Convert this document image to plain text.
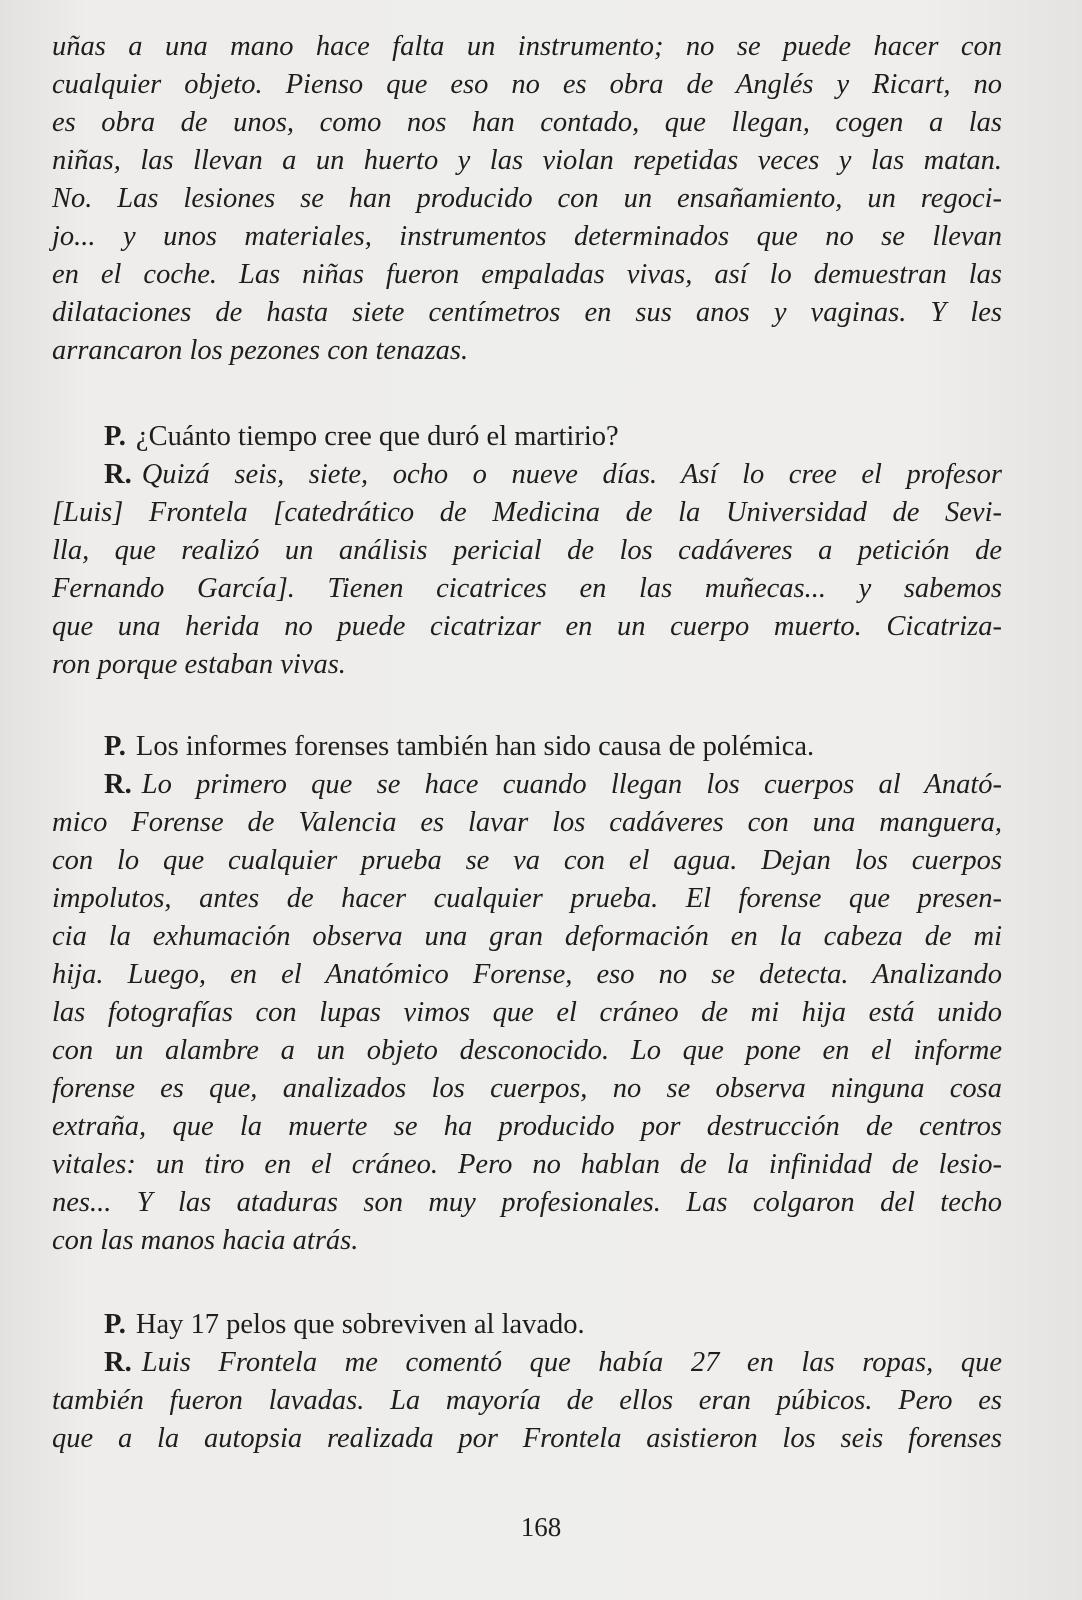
uñas a una mano hace falta un instrumento; no se puede hacer con
cualquier objeto. Pienso que eso no es obra de Anglés y Ricart, no
es obra de unos, como nos han contado, que llegan, cogen a las
niñas, las llevan a un huerto y las violan repetidas veces y las matan.
No. Las lesiones se han producido con un ensañamiento, un regoci-
jo... y unos materiales, instrumentos determinados que no se llevan
en el coche. Las niñas fueron empaladas vivas, así lo demuestran las
dilataciones de hasta siete centímetros en sus anos y vaginas. Y les
arrancaron los pezones con tenazas.
P. ¿Cuánto tiempo cree que duró el martirio?
R. Quizá seis, siete, ocho o nueve días. Así lo cree el profesor
[Luis] Frontela [catedrático de Medicina de la Universidad de Sevi-
lla, que realizó un análisis pericial de los cadáveres a petición de
Fernando García]. Tienen cicatrices en las muñecas... y sabemos
que una herida no puede cicatrizar en un cuerpo muerto. Cicatriza-
ron porque estaban vivas.
P. Los informes forenses también han sido causa de polémica.
R. Lo primero que se hace cuando llegan los cuerpos al Anató-
mico Forense de Valencia es lavar los cadáveres con una manguera,
con lo que cualquier prueba se va con el agua. Dejan los cuerpos
impolutos, antes de hacer cualquier prueba. El forense que presen-
cia la exhumación observa una gran deformación en la cabeza de mi
hija. Luego, en el Anatómico Forense, eso no se detecta. Analizando
las fotografías con lupas vimos que el cráneo de mi hija está unido
con un alambre a un objeto desconocido. Lo que pone en el informe
forense es que, analizados los cuerpos, no se observa ninguna cosa
extraña, que la muerte se ha producido por destrucción de centros
vitales: un tiro en el cráneo. Pero no hablan de la infinidad de lesio-
nes... Y las ataduras son muy profesionales. Las colgaron del techo
con las manos hacia atrás.
P. Hay 17 pelos que sobreviven al lavado.
R. Luis Frontela me comentó que había 27 en las ropas, que
también fueron lavadas. La mayoría de ellos eran púbicos. Pero es
que a la autopsia realizada por Frontela asistieron los seis forenses
168
